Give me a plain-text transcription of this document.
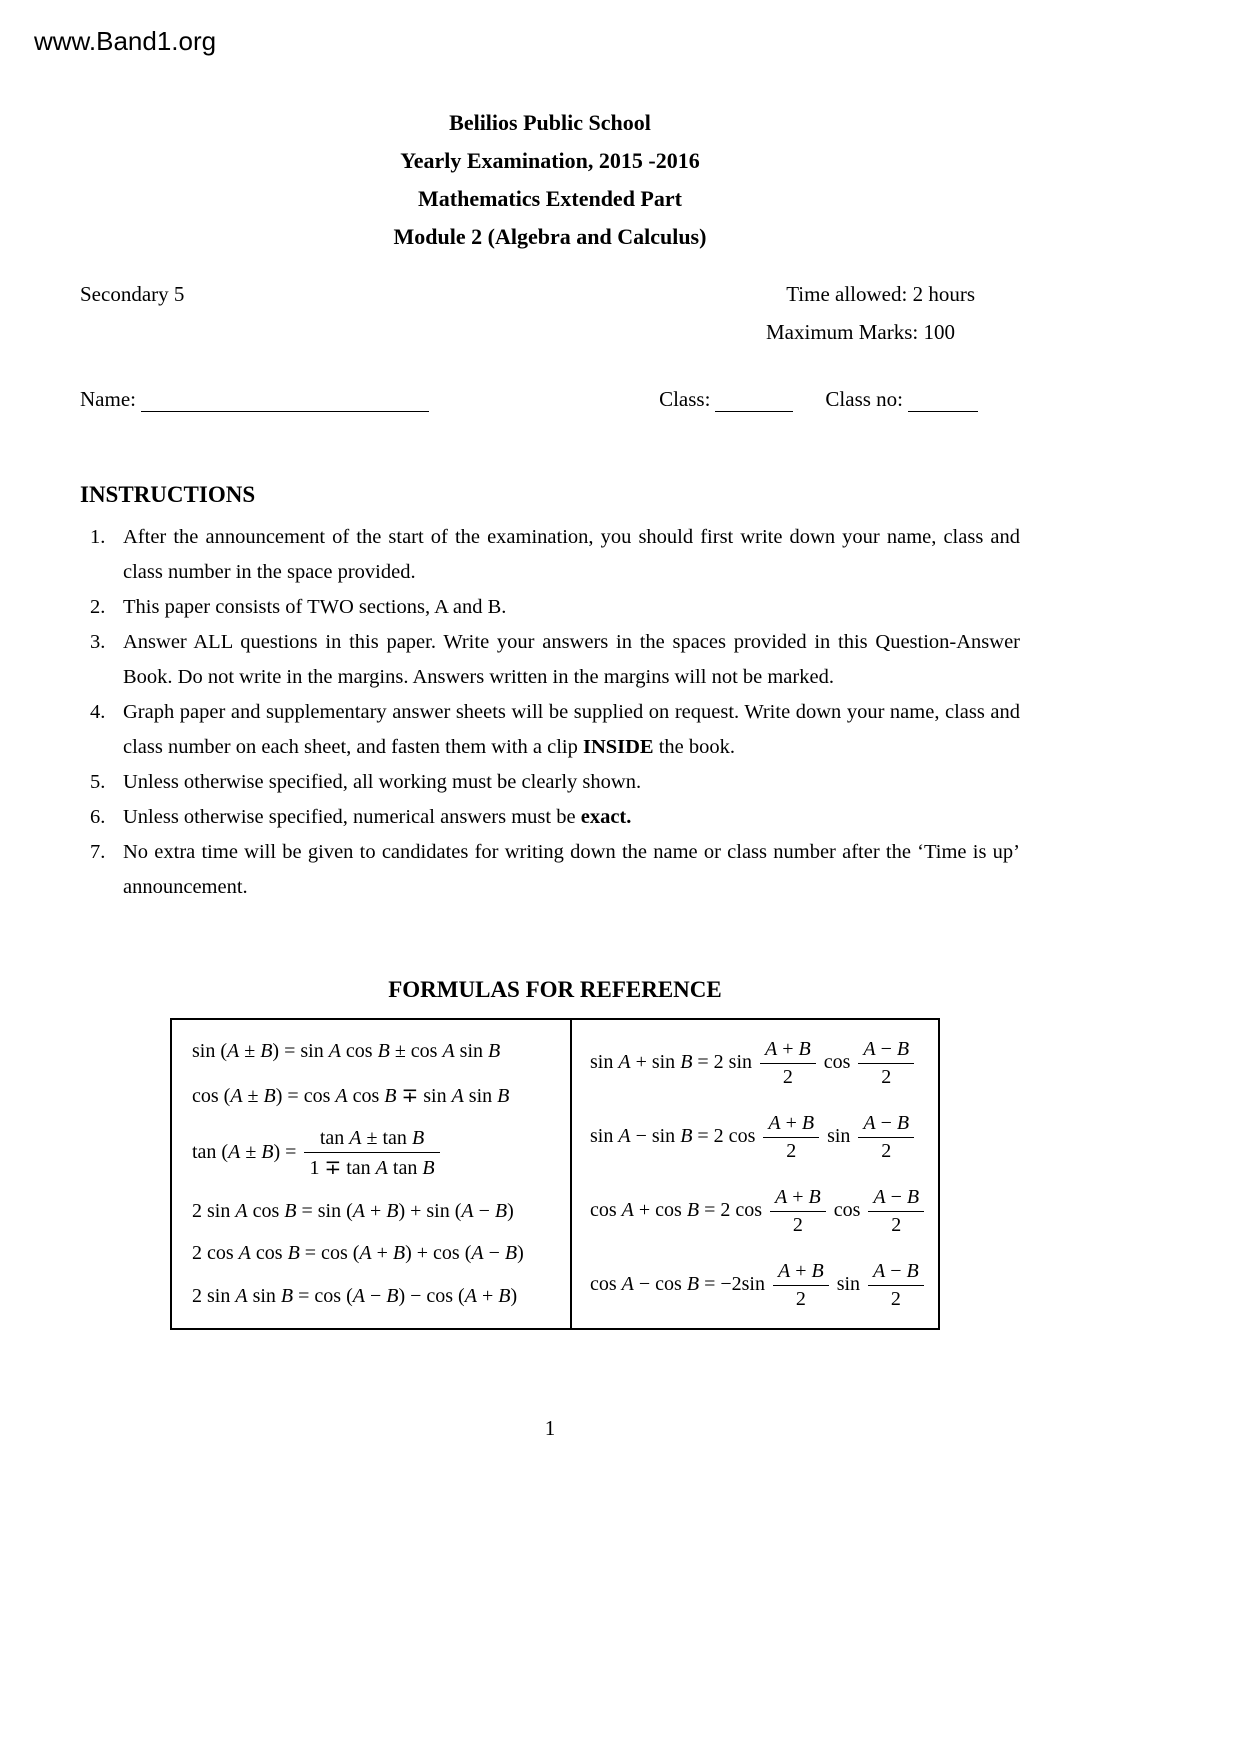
www.Band1.org
Belilios Public School
Yearly Examination, 2015 -2016
Mathematics Extended Part
Module 2 (Algebra and Calculus)
Secondary 5	Time allowed: 2 hours
Maximum Marks: 100
Name:	Class:	Class no:
INSTRUCTIONS
1. After the announcement of the start of the examination, you should first write down your name, class and class number in the space provided.
2. This paper consists of TWO sections, A and B.
3. Answer ALL questions in this paper. Write your answers in the spaces provided in this Question-Answer Book. Do not write in the margins. Answers written in the margins will not be marked.
4. Graph paper and supplementary answer sheets will be supplied on request. Write down your name, class and class number on each sheet, and fasten them with a clip INSIDE the book.
5. Unless otherwise specified, all working must be clearly shown.
6. Unless otherwise specified, numerical answers must be exact.
7. No extra time will be given to candidates for writing down the name or class number after the ‘Time is up’ announcement.
FORMULAS FOR REFERENCE
sin (A ± B) = sin A cos B ± cos A sin B
cos (A ± B) = cos A cos B ∓ sin A sin B
$\tan (A \pm B) = \frac{\text{tan A ± tan B}}{\text{1 ∓ tan A tan B}}$
2 sin A cos B = sin (A + B) + sin (A − B)
2 cos A cos B = cos (A + B) + cos (A − B)
2 sin A sin B = cos (A − B) − cos (A + B)
sin A + sin B = 2 $\sin \frac{A + B}{2}$ $\cos \frac{A - B}{2}$
sin A − sin B = 2 $\cos \frac{A + B}{2}$ $\sin \frac{A - B}{2}$
cos A + cos B = 2 $\cos \frac{A + B}{2}$ $\cos \frac{A - B}{2}$
$\cos A - \cos B = -2\sin \frac{A + B}{2}$ $\sin \frac{A - B}{2}$
1
